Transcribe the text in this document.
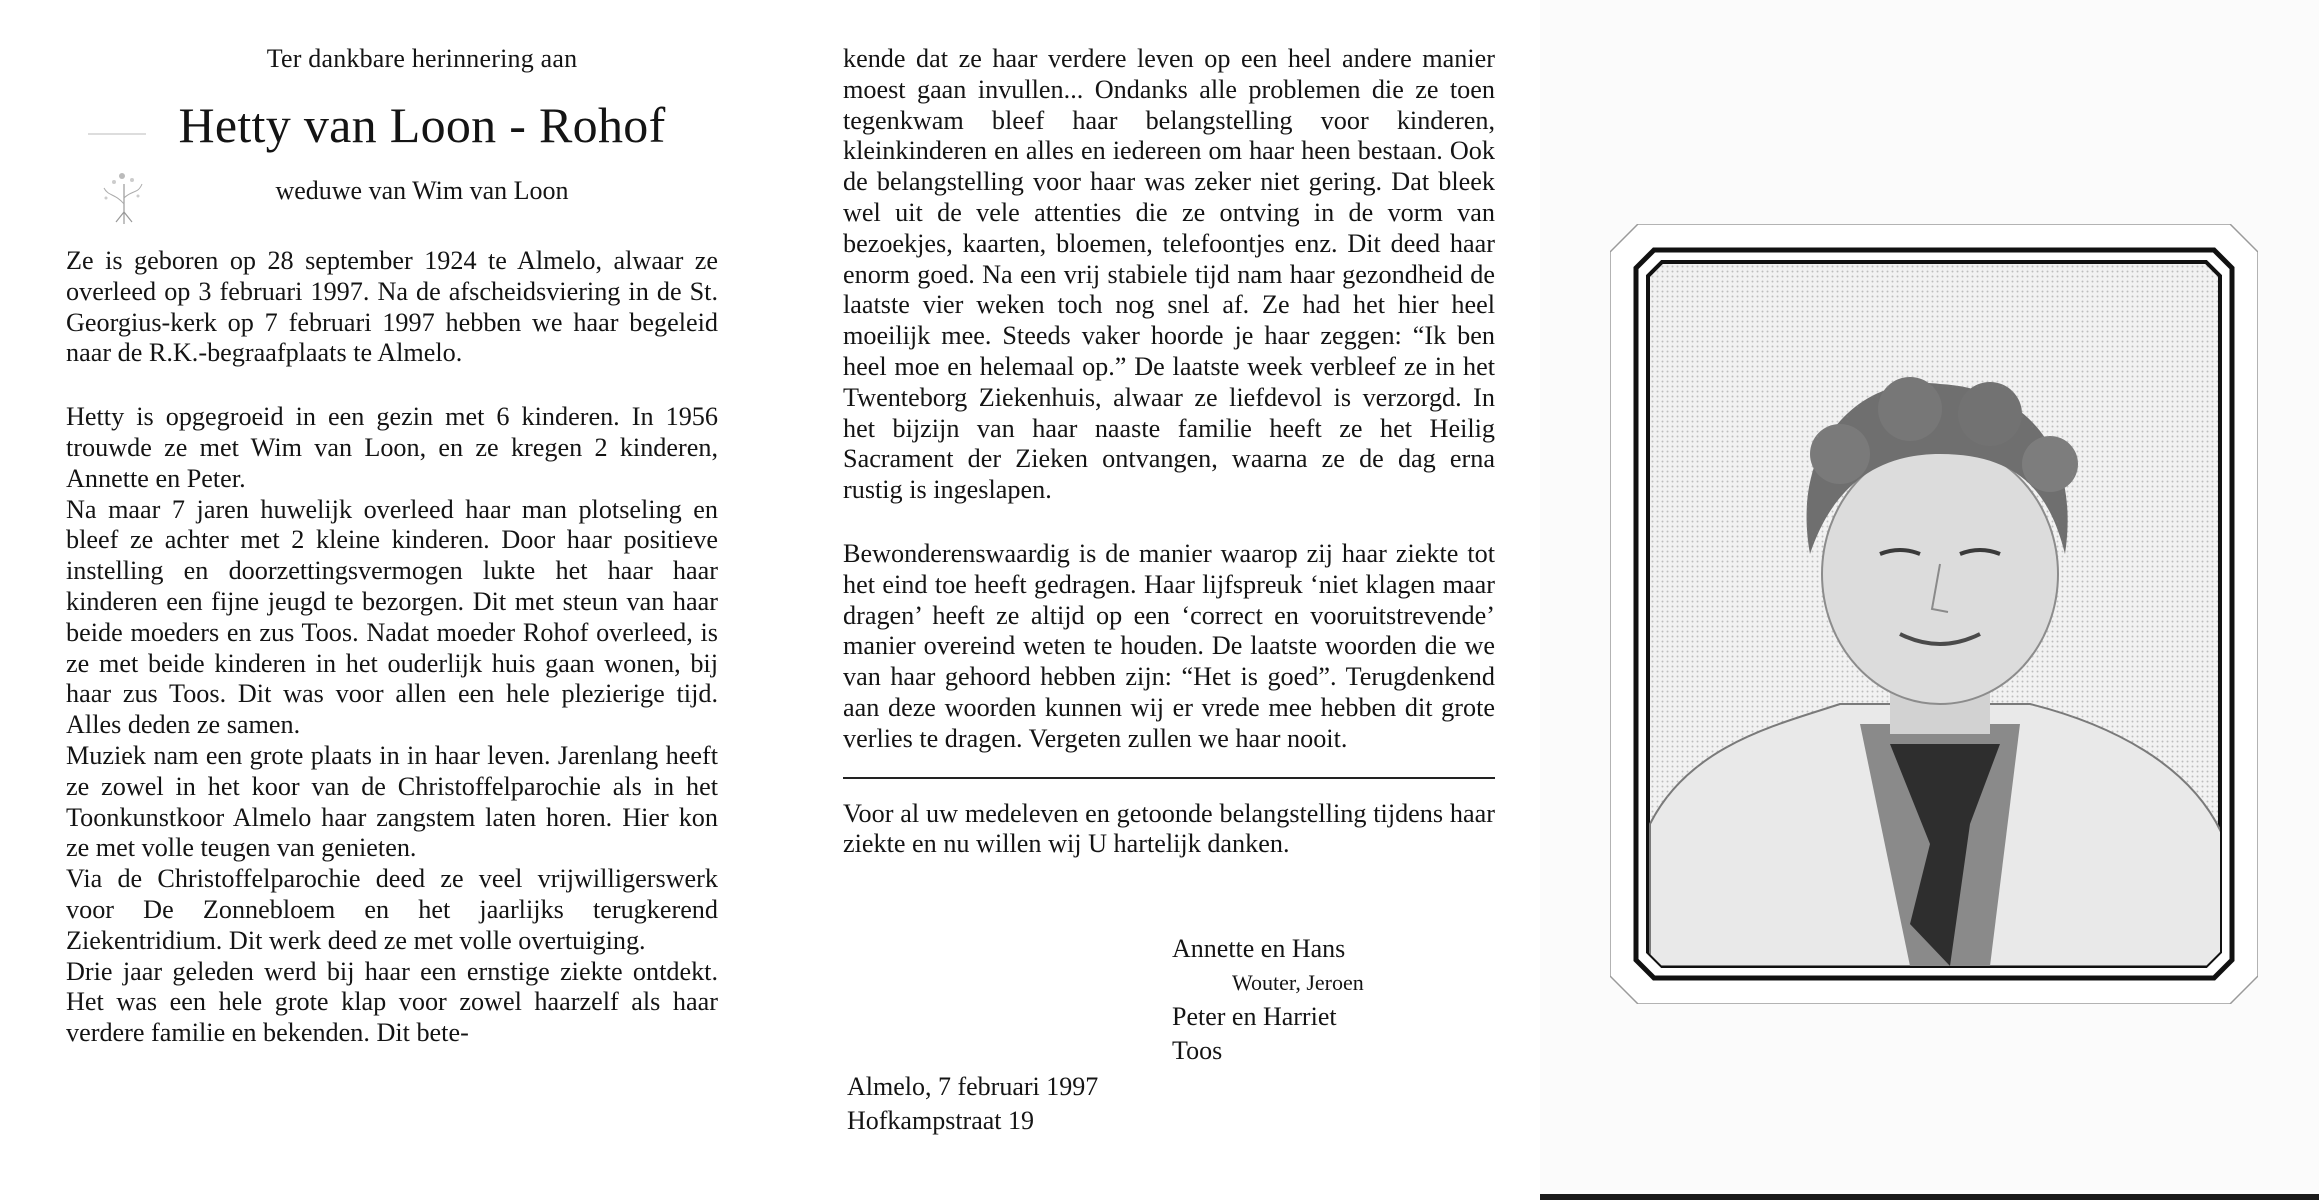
Ter dankbare herinnering aan
Hetty van Loon - Rohof
weduwe van Wim van Loon

Ze is geboren op 28 september 1924 te Almelo, alwaar ze overleed op 3 februari 1997. Na de afscheidsviering in de St. Georgius-kerk op 7 februari 1997 hebben we haar begeleid naar de R.K.-begraafplaats te Almelo.

Hetty is opgegroeid in een gezin met 6 kinderen. In 1956 trouwde ze met Wim van Loon, en ze kregen 2 kinderen, Annette en Peter.

Na maar 7 jaren huwelijk overleed haar man plotseling en bleef ze achter met 2 kleine kinderen. Door haar positieve instelling en doorzettingsvermogen lukte het haar haar kinderen een fijne jeugd te bezorgen. Dit met steun van haar beide moeders en zus Toos. Nadat moeder Rohof overleed, is ze met beide kinderen in het ouderlijk huis gaan wonen, bij haar zus Toos. Dit was voor allen een hele plezierige tijd. Alles deden ze samen.

Muziek nam een grote plaats in in haar leven. Jarenlang heeft ze zowel in het koor van de Christoffelparochie als in het Toonkunstkoor Almelo haar zangstem laten horen. Hier kon ze met volle teugen van genieten.

Via de Christoffelparochie deed ze veel vrijwilligerswerk voor De Zonnebloem en het jaarlijks terugkerend Ziekentridium. Dit werk deed ze met volle overtuiging.

Drie jaar geleden werd bij haar een ernstige ziekte ontdekt. Het was een hele grote klap voor zowel haarzelf als haar verdere familie en bekenden. Dit bete-

kende dat ze haar verdere leven op een heel andere manier moest gaan invullen... Ondanks alle problemen die ze toen tegenkwam bleef haar belangstelling voor kinderen, kleinkinderen en alles en iedereen om haar heen bestaan. Ook de belangstelling voor haar was zeker niet gering. Dat bleek wel uit de vele attenties die ze ontving in de vorm van bezoekjes, kaarten, bloemen, telefoontjes enz. Dit deed haar enorm goed. Na een vrij stabiele tijd nam haar gezondheid de laatste vier weken toch nog snel af. Ze had het hier heel moeilijk mee. Steeds vaker hoorde je haar zeggen: “Ik ben heel moe en helemaal op.” De laatste week verbleef ze in het Twenteborg Ziekenhuis, alwaar ze liefdevol is verzorgd. In het bijzijn van haar naaste familie heeft ze het Heilig Sacrament der Zieken ontvangen, waarna ze de dag erna rustig is ingeslapen.

Bewonderenswaardig is de manier waarop zij haar ziekte tot het eind toe heeft gedragen. Haar lijfspreuk ‘niet klagen maar dragen’ heeft ze altijd op een ‘correct en vooruitstrevende’ manier overeind weten te houden. De laatste woorden die we van haar gehoord hebben zijn: “Het is goed”. Terugdenkend aan deze woorden kunnen wij er vrede mee hebben dit grote verlies te dragen. Vergeten zullen we haar nooit.

Voor al uw medeleven en getoonde belangstelling tijdens haar ziekte en nu willen wij U hartelijk danken.
Annette en Hans
Wouter, Jeroen
Peter en Harriet
Toos
Almelo, 7 februari 1997
Hofkampstraat 19
